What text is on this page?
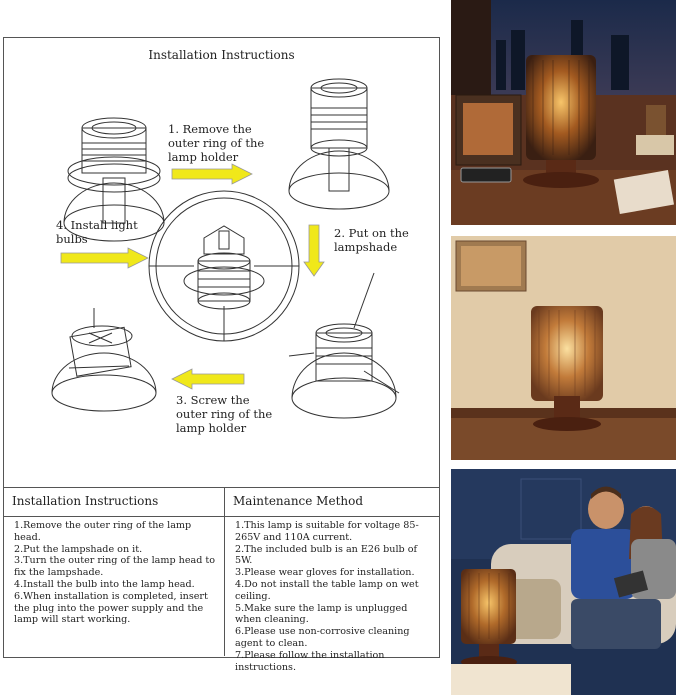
Installation Instructions
1. Remove the
outer ring of the
lamp holder
2. Put on the
lampshade
3. Screw the
outer ring of the
lamp holder
4. Install light
bulbs
Installation Instructions	Maintenance Method
1.Remove the outer ring of the lamp head.
2.Put the lampshade on it.
3.Turn the outer ring of the lamp head to fix the lampshade.
4.Install the bulb into the lamp head.
6.When installation is completed, insert the plug into the power supply and the lamp will start working.
1.This lamp is suitable for voltage 85-265V and 110A current.
2.The included bulb is an E26 bulb of 5W.
3.Please wear gloves for installation.
4.Do not install the table lamp on wet ceiling.
5.Make sure the lamp is unplugged when cleaning.
6.Please use non-corrosive cleaning agent to clean.
7.Please follow the installation instructions.
